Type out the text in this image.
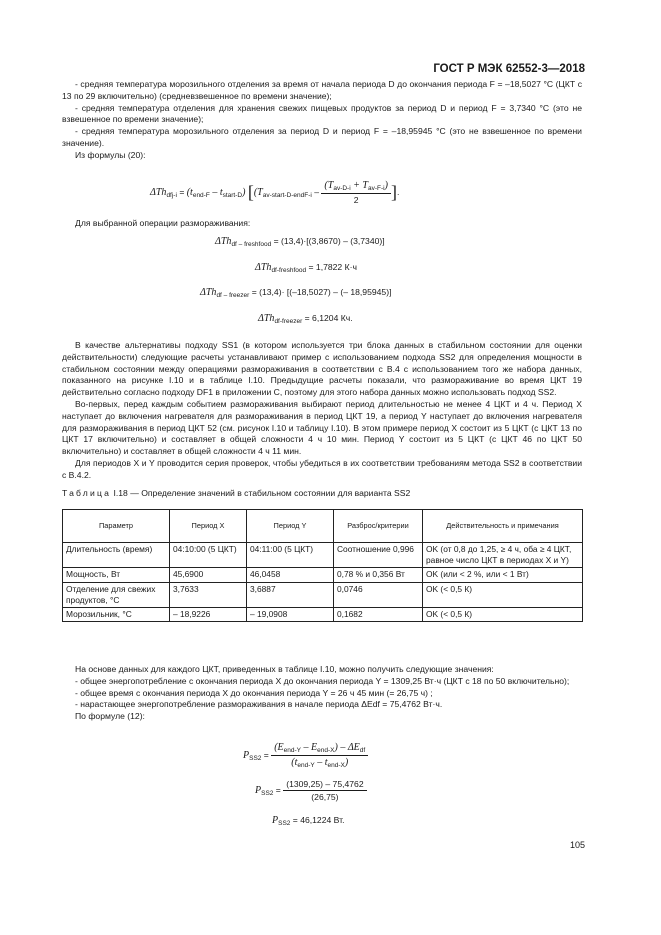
ГОСТ Р МЭК 62552-3—2018

- средняя температура морозильного отделения за время от начала периода D до окончания периода F = –18,5027 °С (ЦКТ с 13 по 29 включительно) (средневзвешенное по времени значение);

- средняя температура отделения для хранения свежих пищевых продуктов за период D и период F = 3,7340 °С (это не взвешенное по времени значение);

- средняя температура морозильного отделения за период D и период F = –18,95945 °С (это не взвешенное по времени значение).

Из формулы (20):

$\Delta Th_{dfj-i} = (t_{end-F} - t_{start-D})$ [($T_{av-start-D-endF-i} - \frac{(T_{av-D-i} + T_{av-F-i})}{2}$ ].

Для выбранной операции размораживания:

ΔTh$_{df - freshfood}$ = (13,4)·[(3,8670) – (3,7340)]
ΔTh$_{df-freshfood}$ = 1,7822 К·ч
ΔTh$_{df - freezer}$ = (13,4)· [(–18,5027) – (– 18,95945)]
ΔTh$_{df-freezer}$ = 6,1204 Кч.

В качестве альтернативы подходу SS1 (в котором используется три блока данных в стабильном состоянии для оценки действительности) следующие расчеты устанавливают пример с использованием подхода SS2 для определения мощности в стабильном состоянии между операциями размораживания в соответствии с В.4 с использованием того же набора данных, показанного на рисунке I.10 и в таблице I.10. Предыдущие расчеты показали, что размораживание во время ЦКТ 19 действительно согласно подходу DF1 в приложении C, поэтому для этого набора данных можно использовать подход SS2.

Во-первых, перед каждым событием размораживания выбирают период длительностью не менее 4 ЦКТ и 4 ч. Период X наступает до включения нагревателя для размораживания в период ЦКТ 19, а период Y наступает до включения нагревателя для размораживания в период ЦКТ 52 (см. рисунок I.10 и таблицу I.10). В этом примере период X состоит из 5 ЦКТ (с ЦКТ 13 по ЦКТ 17 включительно) и составляет в общей сложности 4 ч 10 мин. Период Y состоит из 5 ЦКТ (с ЦКТ 46 по ЦКТ 50 включительно) и составляет в общей сложности 4 ч 11 мин.

Для периодов X и Y проводится серия проверок, чтобы убедиться в их соответствии требованиям метода SS2 в соответствии с В.4.2.

Таблица I.18 — Определение значений в стабильном состоянии для варианта SS2

Параметр	Период X	Период Y	Разброс/критерии	Действительность и примечания
Длительность (время)	04:10:00 (5 ЦКТ)	04:11:00 (5 ЦКТ)	Соотношение 0,996	OK (от 0,8 до 1,25, ≥ 4 ч, оба ≥ 4 ЦКТ, равное число ЦКТ в периодах X и Y)
Мощность, Вт	45,6900	46,0458	0,78 % и 0,356 Вт	OK (или < 2 %, или < 1 Вт)
Отделение для свежих продуктов, °С	3,7633	3,6887	0,0746	OK (< 0,5 К)
Морозильник, °С	– 18,9226	– 19,0908	0,1682	OK (< 0,5 К)

На основе данных для каждого ЦКТ, приведенных в таблице I.10, можно получить следующие значения:

- общее энергопотребление с окончания периода X до окончания периода Y = 1309,25 Вт·ч (ЦКТ с 18 по 50 включительно);

- общее время с окончания периода X до окончания периода Y = 26 ч 45 мин (= 26,75 ч) ;

- нарастающее энергопотребление размораживания в начале периода ΔEdf = 75,4762 Вт·ч.

По формуле (12):

$P_{SS2} = \frac{(E_{end-Y} - E_{end-X}) - \Delta E_{df}}{(t_{end-Y} - t_{end-X})}$
$P_{SS2} = \frac{(1309,25) - 75,4762}{(26,75)}$
$P_{SS2} = 46,1224$ Вт.
105
